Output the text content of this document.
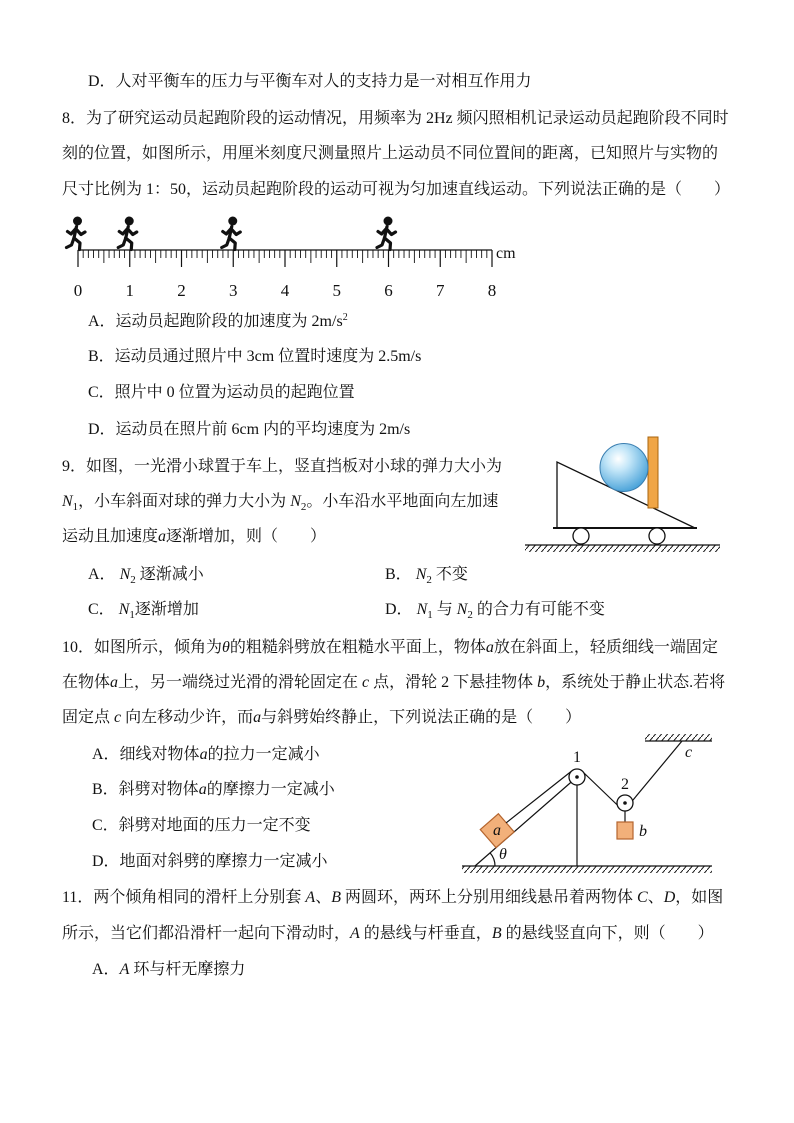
D．人对平衡车的压力与平衡车对人的支持力是一对相互作用力
8．为了研究运动员起跑阶段的运动情况，用频率为 2Hz 频闪照相机记录运动员起跑阶段不同时
刻的位置，如图所示，用厘米刻度尺测量照片上运动员不同位置间的距离，已知照片与实物的
尺寸比例为 1：50，运动员起跑阶段的运动可视为匀加速直线运动。下列说法正确的是（　　）
0	1	2	3	4	5	6	7	8
cm
A．运动员起跑阶段的加速度为 $2m/s^2$
B．运动员通过照片中 3cm 位置时速度为 2.5m/s
C．照片中 0 位置为运动员的起跑位置
D．运动员在照片前 6cm 内的平均速度为 2m/s
9．如图，一光滑小球置于车上，竖直挡板对小球的弹力大小为
$N_1$，小车斜面对球的弹力大小为 $N_2$。小车沿水平地面向左加速
运动且加速度a逐渐增加，则（　　）
A． $N_2$ 逐渐减小	B． $N_2$ 不变
C． $N_1$逐渐增加	D． $N_1$ 与 $N_2$ 的合力有可能不变
10．如图所示，倾角为θ的粗糙斜劈放在粗糙水平面上，物体a放在斜面上，轻质细线一端固定
在物体a上，另一端绕过光滑的滑轮固定在 c 点，滑轮 2 下悬挂物体 b，系统处于静止状态.若将
固定点 c 向左移动少许，而a与斜劈始终静止，下列说法正确的是（　　）
θ
a
1
2
b
c
A．细线对物体a的拉力一定减小
B．斜劈对物体a的摩擦力一定减小
C．斜劈对地面的压力一定不变
D．地面对斜劈的摩擦力一定减小
11．两个倾角相同的滑杆上分别套 A、B 两圆环，两环上分别用细线悬吊着两物体 C、D，如图
所示，当它们都沿滑杆一起向下滑动时，A 的悬线与杆垂直，B 的悬线竖直向下，则（　　）
A．A 环与杆无摩擦力
